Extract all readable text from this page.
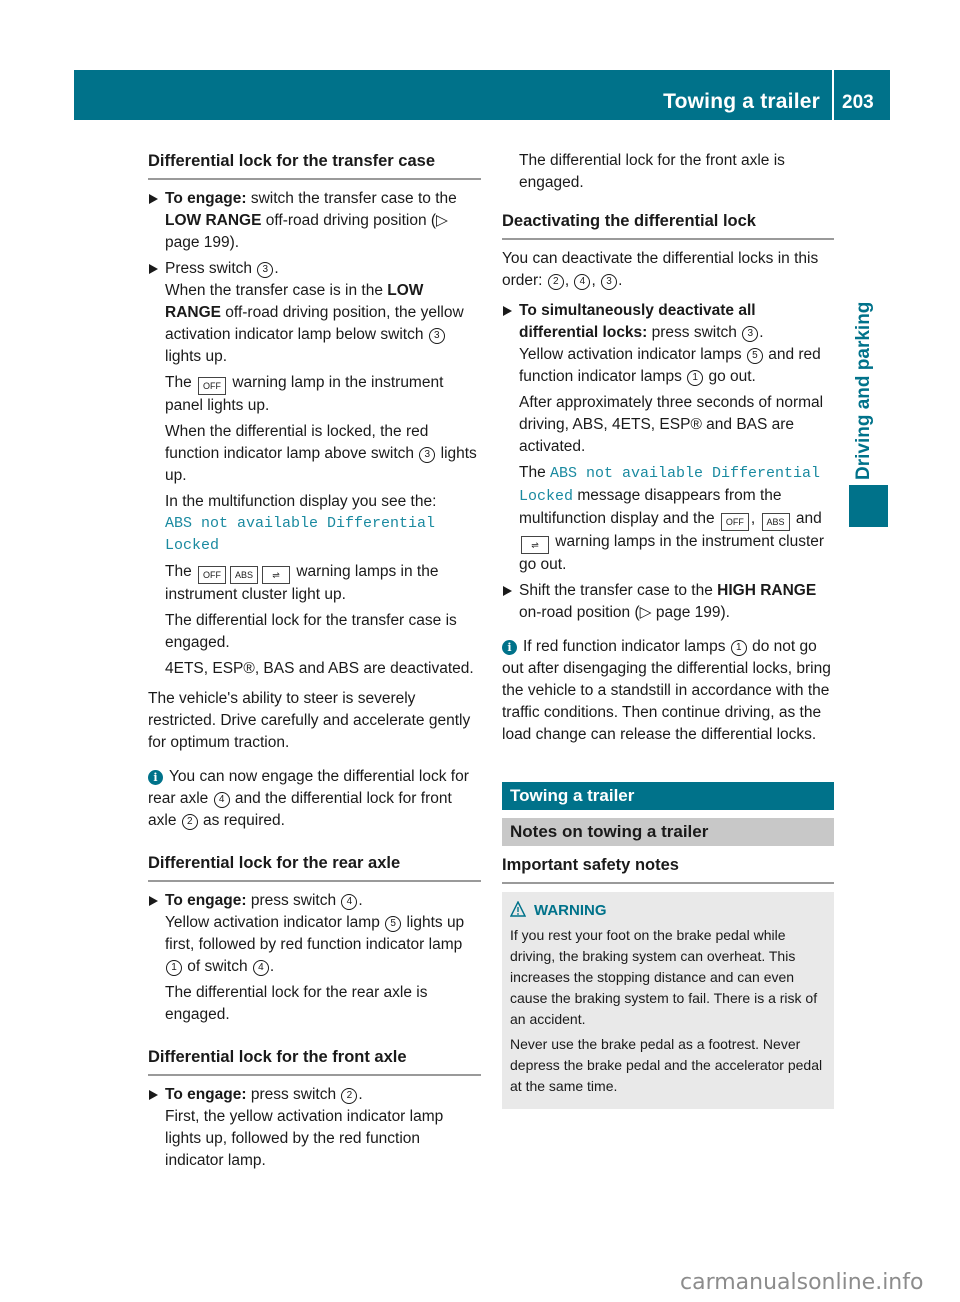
Towing a trailer 203
Driving and parking
Differential lock for the transfer case

To engage: switch the transfer case to the LOW RANGE off-road driving position (▷ page 199).

Press switch 3 .

When the transfer case is in the LOW RANGE off-road driving position, the yellow activation indicator lamp below switch 3 lights up.

The OFF warning lamp in the instrument panel lights up.

When the differential is locked, the red function indicator lamp above switch 3 lights up.

In the multifunction display you see the:

ABS not available Differential Locked

The OFF ABS ⇌ warning lamps in the instrument cluster light up.

The differential lock for the transfer case is engaged.

4ETS, ESP®, BAS and ABS are deactivated.

The vehicle's ability to steer is severely restricted. Drive carefully and accelerate gently for optimum traction.

i You can now engage the differential lock for rear axle 4 and the differential lock for front axle 2 as required.

Differential lock for the rear axle

To engage: press switch 4 .

Yellow activation indicator lamp 5 lights up first, followed by red function indicator lamp 1 of switch 4 .

The differential lock for the rear axle is engaged.

Differential lock for the front axle

To engage: press switch 2 .

First, the yellow activation indicator lamp lights up, followed by the red function indicator lamp.

The differential lock for the front axle is engaged.

Deactivating the differential lock

You can deactivate the differential locks in this order: 2 , 4 , 3 .

To simultaneously deactivate all differential locks: press switch 3 .

Yellow activation indicator lamps 5 and red function indicator lamps 1 go out.

After approximately three seconds of normal driving, ABS, 4ETS, ESP® and BAS are activated.

The ABS not available Differential Locked message disappears from the multifunction display and the OFF , ABS and ⇌ warning lamps in the instrument cluster go out.

Shift the transfer case to the HIGH RANGE on-road position (▷ page 199).

i If red function indicator lamps 1 do not go out after disengaging the differential locks, bring the vehicle to a standstill in accordance with the traffic conditions. Then continue driving, as the load change can release the differential locks.

Towing a trailer
Notes on towing a trailer
Important safety notes
WARNING

If you rest your foot on the brake pedal while driving, the braking system can overheat. This increases the stopping distance and can even cause the braking system to fail. There is a risk of an accident.

Never use the brake pedal as a footrest. Never depress the brake pedal and the accelerator pedal at the same time.

carmanualsonline.info
